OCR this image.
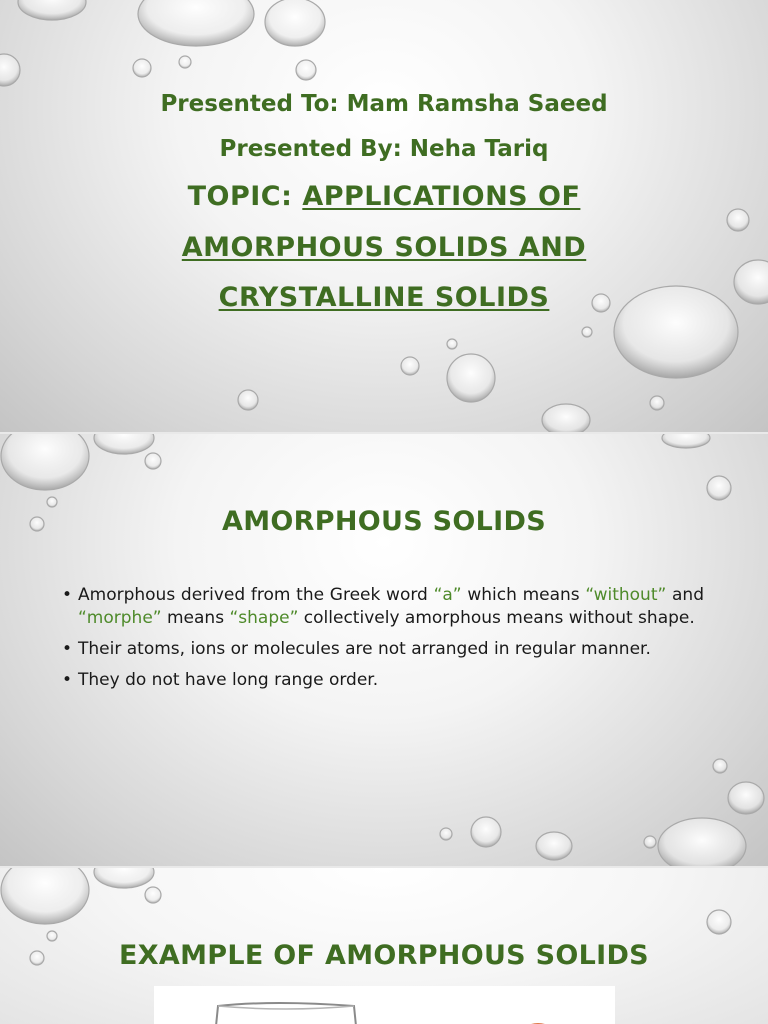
Presented To: Mam Ramsha Saeed

Presented By: Neha Tariq

TOPIC: APPLICATIONS OF

AMORPHOUS SOLIDS AND

CRYSTALLINE SOLIDS

AMORPHOUS SOLIDS
• Amorphous derived from the Greek word “a” which means “without” and “morphe” means “shape” collectively amorphous means without shape.
• Their atoms, ions or molecules are not arranged in regular manner.
• They do not have long range order.
EXAMPLE OF AMORPHOUS SOLIDS
